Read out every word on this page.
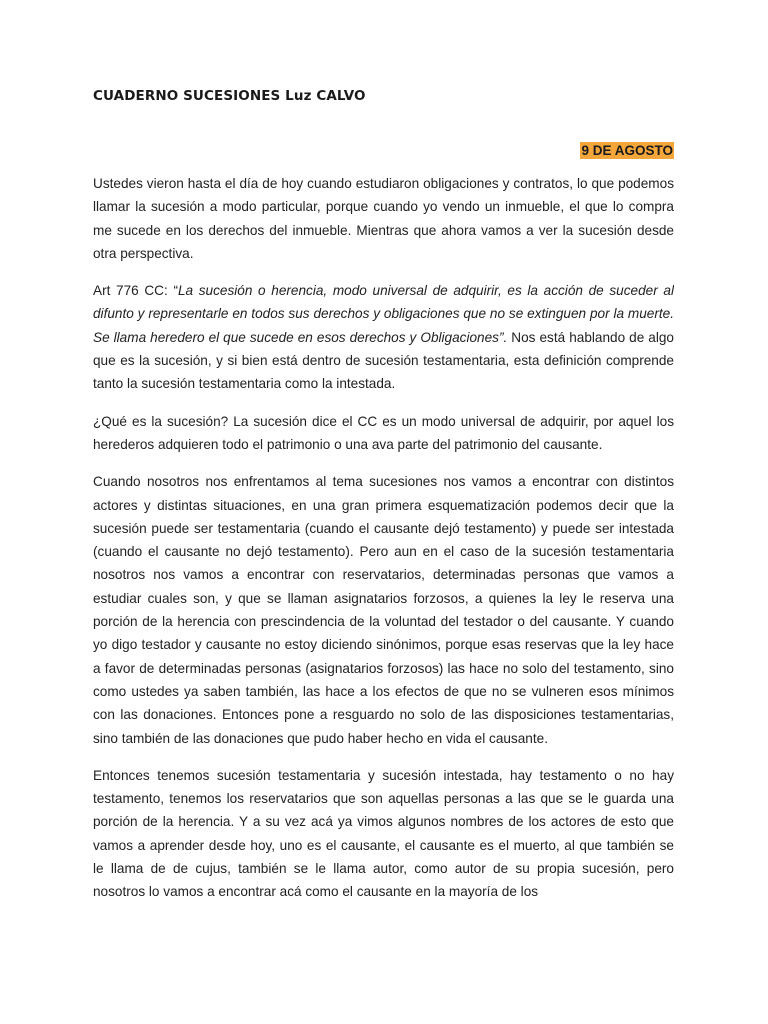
CUADERNO SUCESIONES Luz CALVO
9 DE AGOSTO

Ustedes vieron hasta el día de hoy cuando estudiaron obligaciones y contratos, lo que podemos llamar la sucesión a modo particular, porque cuando yo vendo un inmueble, el que lo compra me sucede en los derechos del inmueble. Mientras que ahora vamos a ver la sucesión desde otra perspectiva.

Art 776 CC: “La sucesión o herencia, modo universal de adquirir, es la acción de suceder al difunto y representarle en todos sus derechos y obligaciones que no se extinguen por la muerte. Se llama heredero el que sucede en esos derechos y Obligaciones”. Nos está hablando de algo que es la sucesión, y si bien está dentro de sucesión testamentaria, esta definición comprende tanto la sucesión testamentaria como la intestada.

¿Qué es la sucesión? La sucesión dice el CC es un modo universal de adquirir, por aquel los herederos adquieren todo el patrimonio o una ava parte del patrimonio del causante.

Cuando nosotros nos enfrentamos al tema sucesiones nos vamos a encontrar con distintos actores y distintas situaciones, en una gran primera esquematización podemos decir que la sucesión puede ser testamentaria (cuando el causante dejó testamento) y puede ser intestada (cuando el causante no dejó testamento). Pero aun en el caso de la sucesión testamentaria nosotros nos vamos a encontrar con reservatarios, determinadas personas que vamos a estudiar cuales son, y que se llaman asignatarios forzosos, a quienes la ley le reserva una porción de la herencia con prescindencia de la voluntad del testador o del causante. Y cuando yo digo testador y causante no estoy diciendo sinónimos, porque esas reservas que la ley hace a favor de determinadas personas (asignatarios forzosos) las hace no solo del testamento, sino como ustedes ya saben también, las hace a los efectos de que no se vulneren esos mínimos con las donaciones. Entonces pone a resguardo no solo de las disposiciones testamentarias, sino también de las donaciones que pudo haber hecho en vida el causante.

Entonces tenemos sucesión testamentaria y sucesión intestada, hay testamento o no hay testamento, tenemos los reservatarios que son aquellas personas a las que se le guarda una porción de la herencia. Y a su vez acá ya vimos algunos nombres de los actores de esto que vamos a aprender desde hoy, uno es el causante, el causante es el muerto, al que también se le llama de de cujus, también se le llama autor, como autor de su propia sucesión, pero nosotros lo vamos a encontrar acá como el causante en la mayoría de los
